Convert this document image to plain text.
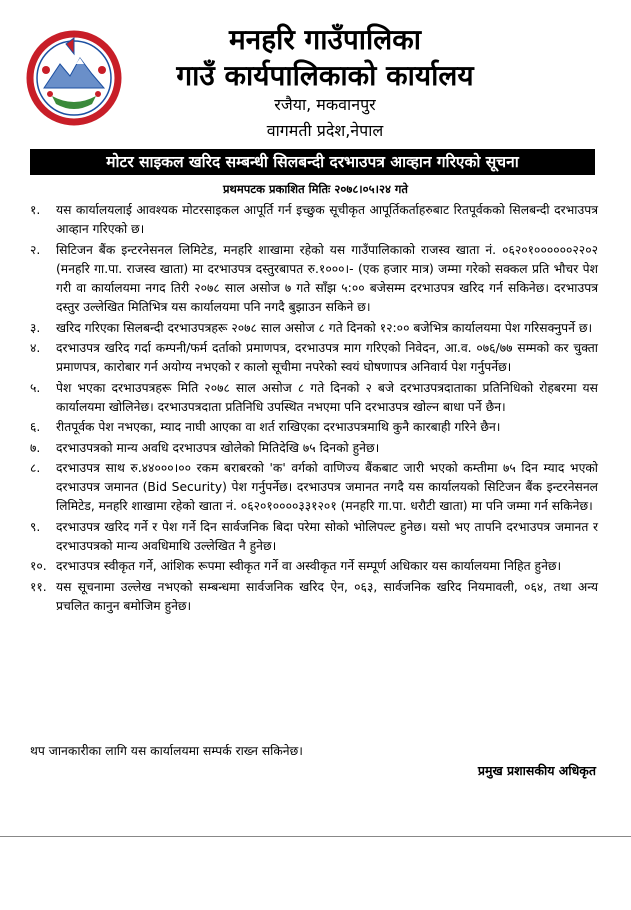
मनहरि गाउँपालिका
गाउँ कार्यपालिकाको कार्यालय
रजैया, मकवानपुर
वागमती प्रदेश,नेपाल
मोटर साइकल खरिद सम्बन्धी सिलबन्दी दरभाउपत्र आव्हान गरिएको सूचना
प्रथमपटक प्रकाशित मितिः २०७८।०५।२४ गते
१. यस कार्यालयलाई आवश्यक मोटरसाइकल आपूर्ति गर्न इच्छुक सूचीकृत आपूर्तिकर्ताहरुबाट रितपूर्वकको सिलबन्दी दरभाउपत्र आव्हान गरिएको छ।
२. सिटिजन बैंक इन्टरनेसनल लिमिटेड, मनहरि शाखामा रहेको यस गाउँपालिकाको राजस्व खाता नं. ०६२०१००००००२२०२ (मनहरि गा.पा. राजस्व खाता) मा दरभाउपत्र दस्तुरबापत रु.१०००।- (एक हजार मात्र) जम्मा गरेको सक्कल प्रति भौचर पेश गरी वा कार्यालयमा नगद तिरी २०७८ साल असोज ७ गते साँझ ५:०० बजेसम्म दरभाउपत्र खरिद गर्न सकिनेछ। दरभाउपत्र दस्तुर उल्लेखित मितिभित्र यस कार्यालयमा पनि नगदै बुझाउन सकिने छ।
३. खरिद गरिएका सिलबन्दी दरभाउपत्रहरू २०७८ साल असोज ८ गते दिनको १२:०० बजेभित्र कार्यालयमा पेश गरिसक्नुपर्ने छ।
४. दरभाउपत्र खरिद गर्दा कम्पनी/फर्म दर्ताको प्रमाणपत्र, दरभाउपत्र माग गरिएको निवेदन, आ.व. ०७६/७७ सम्मको कर चुक्ता प्रमाणपत्र, कारोबार गर्न अयोग्य नभएको र कालो सूचीमा नपरेको स्वयं घोषणापत्र अनिवार्य पेश गर्नुपर्नेछ।
५. पेश भएका दरभाउपत्रहरू मिति २०७८ साल असोज ८ गते दिनको २ बजे दरभाउपत्रदाताका प्रतिनिधिको रोहबरमा यस कार्यालयमा खोलिनेछ। दरभाउपत्रदाता प्रतिनिधि उपस्थित नभएमा पनि दरभाउपत्र खोल्न बाधा पर्ने छैन।
६. रीतपूर्वक पेश नभएका, म्याद नाघी आएका वा शर्त राखिएका दरभाउपत्रमाथि कुनै कारबाही गरिने छैन।
७. दरभाउपत्रको मान्य अवधि दरभाउपत्र खोलेको मितिदेखि ७५ दिनको हुनेछ।
८. दरभाउपत्र साथ रु.४४०००।०० रकम बराबरको 'क' वर्गको वाणिज्य बैंकबाट जारी भएको कम्तीमा ७५ दिन म्याद भएको दरभाउपत्र जमानत (Bid Security) पेश गर्नुपर्नेछ। दरभाउपत्र जमानत नगदै यस कार्यालयको सिटिजन बैंक इन्टरनेसनल लिमिटेड, मनहरि शाखामा रहेको खाता नं. ०६२०१००००३३१२०१ (मनहरि गा.पा. धरौटी खाता) मा पनि जम्मा गर्न सकिनेछ।
९. दरभाउपत्र खरिद गर्ने र पेश गर्ने दिन सार्वजनिक बिदा परेमा सोको भोलिपल्ट हुनेछ। यसो भए तापनि दरभाउपत्र जमानत र दरभाउपत्रको मान्य अवधिमाथि उल्लेखित नै हुनेछ।
१०. दरभाउपत्र स्वीकृत गर्ने, आंशिक रूपमा स्वीकृत गर्ने वा अस्वीकृत गर्ने सम्पूर्ण अधिकार यस कार्यालयमा निहित हुनेछ।
११. यस सूचनामा उल्लेख नभएको सम्बन्धमा सार्वजनिक खरिद ऐन, ०६३, सार्वजनिक खरिद नियमावली, ०६४, तथा अन्य प्रचलित कानुन बमोजिम हुनेछ।
थप जानकारीका लागि यस कार्यालयमा सम्पर्क राख्न सकिनेछ।
प्रमुख प्रशासकीय अधिकृत
